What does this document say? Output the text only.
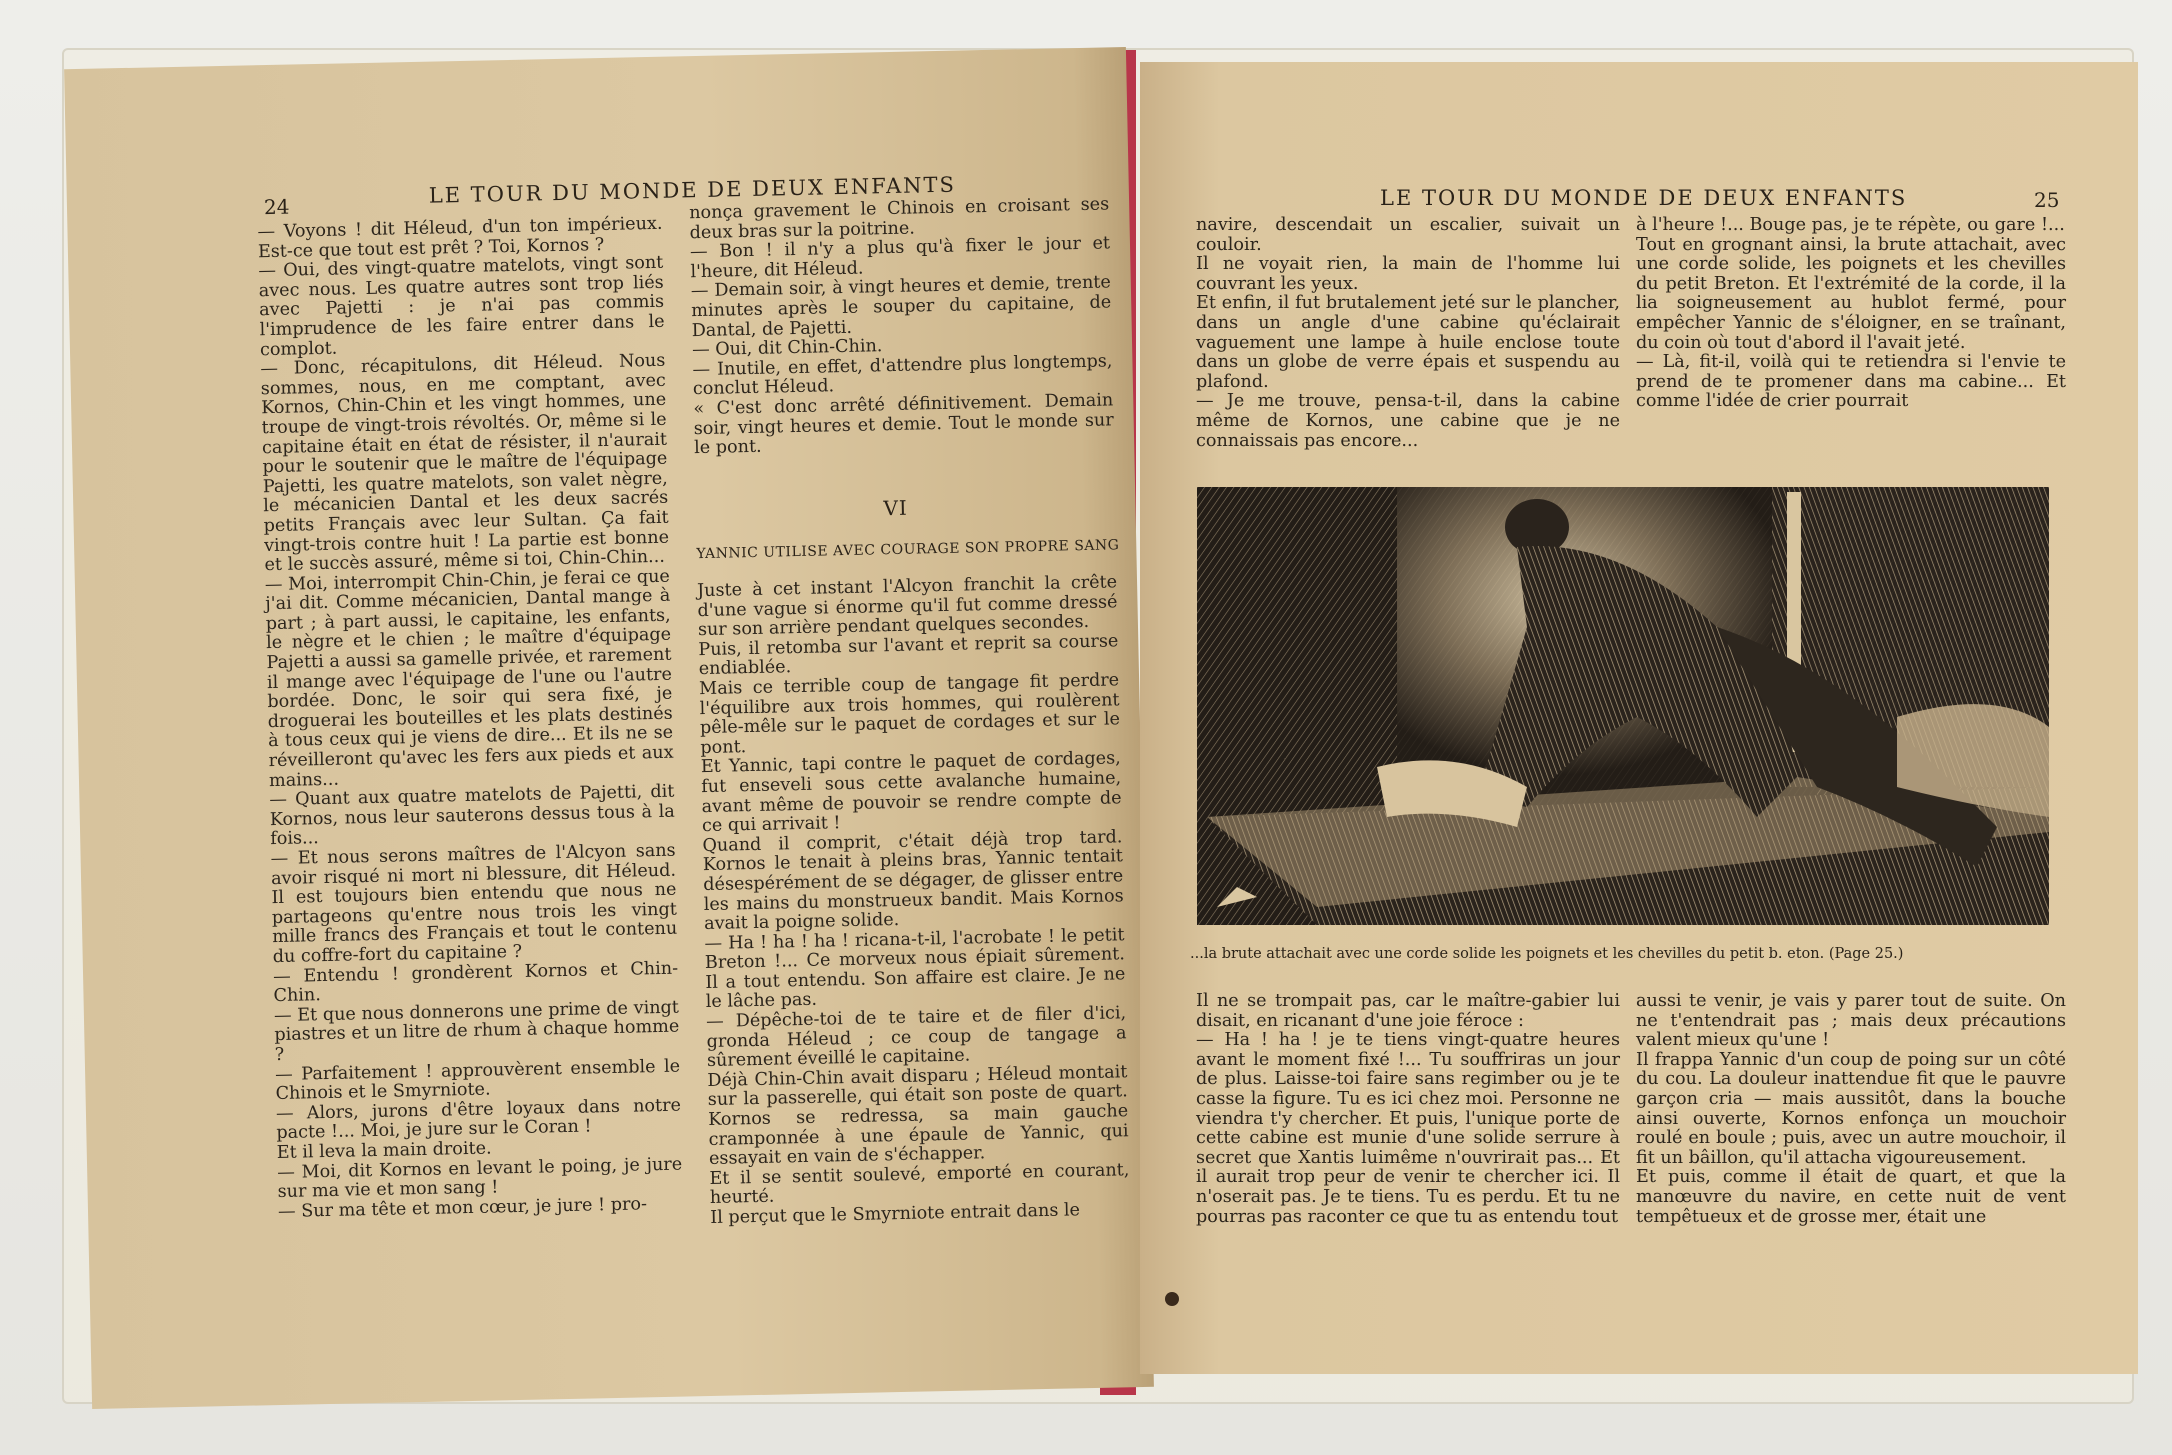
24	LE TOUR DU MONDE DE DEUX ENFANTS
— Voyons ! dit Héleud, d'un ton impérieux. Est-ce que tout est prêt ? Toi, Kornos ?
— Oui, des vingt-quatre matelots, vingt sont avec nous. Les quatre autres sont trop liés avec Pajetti : je n'ai pas commis l'imprudence de les faire entrer dans le complot.
— Donc, récapitulons, dit Héleud. Nous sommes, nous, en me comptant, avec Kornos, Chin-Chin et les vingt hommes, une troupe de vingt-trois révoltés. Or, même si le capitaine était en état de résister, il n'aurait pour le soutenir que le maître de l'équipage Pajetti, les quatre matelots, son valet nègre, le mécanicien Dantal et les deux sacrés petits Français avec leur Sultan. Ça fait vingt-trois contre huit ! La partie est bonne et le succès assuré, même si toi, Chin-Chin...
— Moi, interrompit Chin-Chin, je ferai ce que j'ai dit. Comme mécanicien, Dantal mange à part ; à part aussi, le capitaine, les enfants, le nègre et le chien ; le maître d'équipage Pajetti a aussi sa gamelle privée, et rarement il mange avec l'équipage de l'une ou l'autre bordée. Donc, le soir qui sera fixé, je droguerai les bouteilles et les plats destinés à tous ceux qui je viens de dire... Et ils ne se réveilleront qu'avec les fers aux pieds et aux mains...
— Quant aux quatre matelots de Pajetti, dit Kornos, nous leur sauterons dessus tous à la fois...
— Et nous serons maîtres de l'Alcyon sans avoir risqué ni mort ni blessure, dit Héleud. Il est toujours bien entendu que nous ne partageons qu'entre nous trois les vingt mille francs des Français et tout le contenu du coffre-fort du capitaine ?
— Entendu ! grondèrent Kornos et Chin-Chin.
— Et que nous donnerons une prime de vingt piastres et un litre de rhum à chaque homme ?
— Parfaitement ! approuvèrent ensemble le Chinois et le Smyrniote.
— Alors, jurons d'être loyaux dans notre pacte !... Moi, je jure sur le Coran !
Et il leva la main droite.
— Moi, dit Kornos en levant le poing, je jure sur ma vie et mon sang !
— Sur ma tête et mon cœur, je jure ! pro-
nonça gravement le Chinois en croisant ses deux bras sur la poitrine.
— Bon ! il n'y a plus qu'à fixer le jour et l'heure, dit Héleud.
— Demain soir, à vingt heures et demie, trente minutes après le souper du capitaine, de Dantal, de Pajetti.
— Oui, dit Chin-Chin.
— Inutile, en effet, d'attendre plus longtemps, conclut Héleud.
« C'est donc arrêté définitivement. Demain soir, vingt heures et demie. Tout le monde sur le pont.
VI
YANNIC UTILISE AVEC COURAGE SON PROPRE SANG
Juste à cet instant l'Alcyon franchit la crête d'une vague si énorme qu'il fut comme dressé sur son arrière pendant quelques secondes.
Puis, il retomba sur l'avant et reprit sa course endiablée.
Mais ce terrible coup de tangage fit perdre l'équilibre aux trois hommes, qui roulèrent pêle-mêle sur le paquet de cordages et sur le pont.
Et Yannic, tapi contre le paquet de cordages, fut enseveli sous cette avalanche humaine, avant même de pouvoir se rendre compte de ce qui arrivait !
Quand il comprit, c'était déjà trop tard. Kornos le tenait à pleins bras, Yannic tentait désespérément de se dégager, de glisser entre les mains du monstrueux bandit. Mais Kornos avait la poigne solide.
— Ha ! ha ! ha ! ricana-t-il, l'acrobate ! le petit Breton !... Ce morveux nous épiait sûrement. Il a tout entendu. Son affaire est claire. Je ne le lâche pas.
— Dépêche-toi de te taire et de filer d'ici, gronda Héleud ; ce coup de tangage a sûrement éveillé le capitaine.
Déjà Chin-Chin avait disparu ; Héleud montait sur la passerelle, qui était son poste de quart. Kornos se redressa, sa main gauche cramponnée à une épaule de Yannic, qui essayait en vain de s'échapper.
Et il se sentit soulevé, emporté en courant, heurté.
Il perçut que le Smyrniote entrait dans le
LE TOUR DU MONDE DE DEUX ENFANTS	25
navire, descendait un escalier, suivait un couloir.
Il ne voyait rien, la main de l'homme lui couvrant les yeux.
Et enfin, il fut brutalement jeté sur le plancher, dans un angle d'une cabine qu'éclairait vaguement une lampe à huile enclose toute dans un globe de verre épais et suspendu au plafond.
— Je me trouve, pensa-t-il, dans la cabine même de Kornos, une cabine que je ne connaissais pas encore...
à l'heure !... Bouge pas, je te répète, ou gare !...
Tout en grognant ainsi, la brute attachait, avec une corde solide, les poignets et les chevilles du petit Breton. Et l'extrémité de la corde, il la lia soigneusement au hublot fermé, pour empêcher Yannic de s'éloigner, en se traînant, du coin où tout d'abord il l'avait jeté.
— Là, fit-il, voilà qui te retiendra si l'envie te prend de te promener dans ma cabine... Et comme l'idée de crier pourrait
Il ne se trompait pas, car le maître-gabier lui disait, en ricanant d'une joie féroce :
— Ha ! ha ! je te tiens vingt-quatre heures avant le moment fixé !... Tu souffriras un jour de plus. Laisse-toi faire sans regimber ou je te casse la figure. Tu es ici chez moi. Personne ne viendra t'y chercher. Et puis, l'unique porte de cette cabine est munie d'une solide serrure à secret que Xantis luimême n'ouvrirait pas... Et il aurait trop peur de venir te chercher ici. Il n'oserait pas. Je te tiens. Tu es perdu. Et tu ne pourras pas raconter ce que tu as entendu tout
aussi te venir, je vais y parer tout de suite. On ne t'entendrait pas ; mais deux précautions valent mieux qu'une !
Il frappa Yannic d'un coup de poing sur un côté du cou. La douleur inattendue fit que le pauvre garçon cria — mais aussitôt, dans la bouche ainsi ouverte, Kornos enfonça un mouchoir roulé en boule ; puis, avec un autre mouchoir, il fit un bâillon, qu'il attacha vigoureusement.
Et puis, comme il était de quart, et que la manœuvre du navire, en cette nuit de vent tempêtueux et de grosse mer, était une
...la brute attachait avec une corde solide les poignets et les chevilles du petit b. eton. (Page 25.)
